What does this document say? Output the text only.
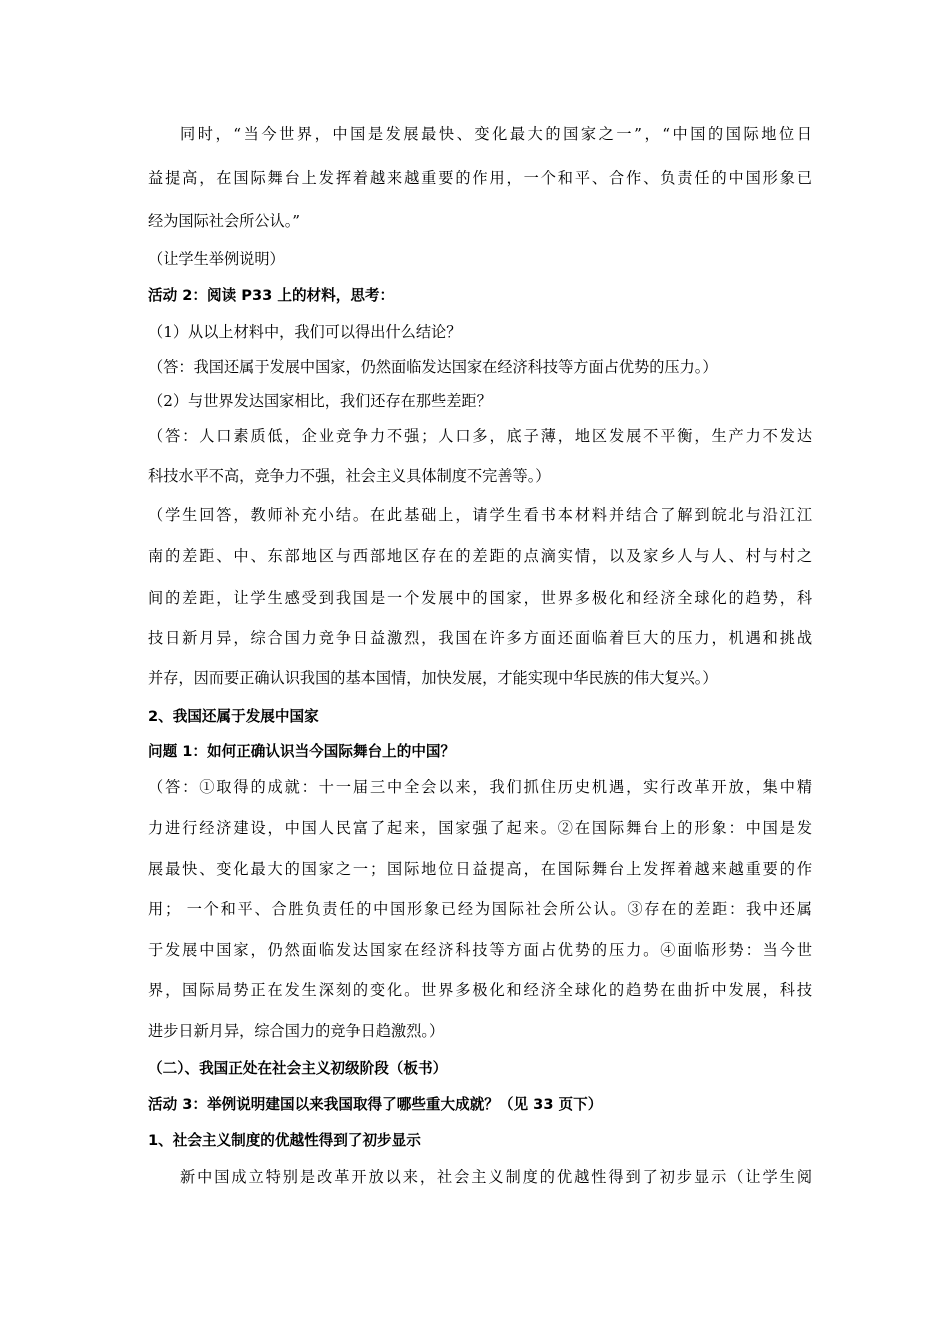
同时，“当今世界，中国是发展最快、变化最大的国家之一”，“中国的国际地位日
益提高，在国际舞台上发挥着越来越重要的作用，一个和平、合作、负责任的中国形象已
经为国际社会所公认。”
（让学生举例说明）
活动 2：阅读 P33 上的材料，思考：
（1）从以上材料中，我们可以得出什么结论？
（答：我国还属于发展中国家，仍然面临发达国家在经济科技等方面占优势的压力。）
（2）与世界发达国家相比，我们还存在那些差距？
（答：人口素质低，企业竞争力不强；人口多，底子薄，地区发展不平衡，生产力不发达
科技水平不高，竞争力不强，社会主义具体制度不完善等。）
（学生回答，教师补充小结。在此基础上，请学生看书本材料并结合了解到皖北与沿江江
南的差距、中、东部地区与西部地区存在的差距的点滴实情，以及家乡人与人、村与村之
间的差距，让学生感受到我国是一个发展中的国家，世界多极化和经济全球化的趋势，科
技日新月异，综合国力竞争日益激烈，我国在许多方面还面临着巨大的压力，机遇和挑战
并存，因而要正确认识我国的基本国情，加快发展，才能实现中华民族的伟大复兴。）
2、我国还属于发展中国家
问题 1：如何正确认识当今国际舞台上的中国？
（答：①取得的成就：十一届三中全会以来，我们抓住历史机遇，实行改革开放，集中精
力进行经济建设，中国人民富了起来，国家强了起来。②在国际舞台上的形象：中国是发
展最快、变化最大的国家之一；国际地位日益提高，在国际舞台上发挥着越来越重要的作
用； 一个和平、合胜负责任的中国形象已经为国际社会所公认。③存在的差距：我中还属
于发展中国家，仍然面临发达国家在经济科技等方面占优势的压力。④面临形势：当今世
界，国际局势正在发生深刻的变化。世界多极化和经济全球化的趋势在曲折中发展，科技
进步日新月异，综合国力的竞争日趋激烈。）
（二）、我国正处在社会主义初级阶段（板书）
活动 3：举例说明建国以来我国取得了哪些重大成就？（见 33 页下）
1、社会主义制度的优越性得到了初步显示
新中国成立特别是改革开放以来，社会主义制度的优越性得到了初步显示（让学生阅
